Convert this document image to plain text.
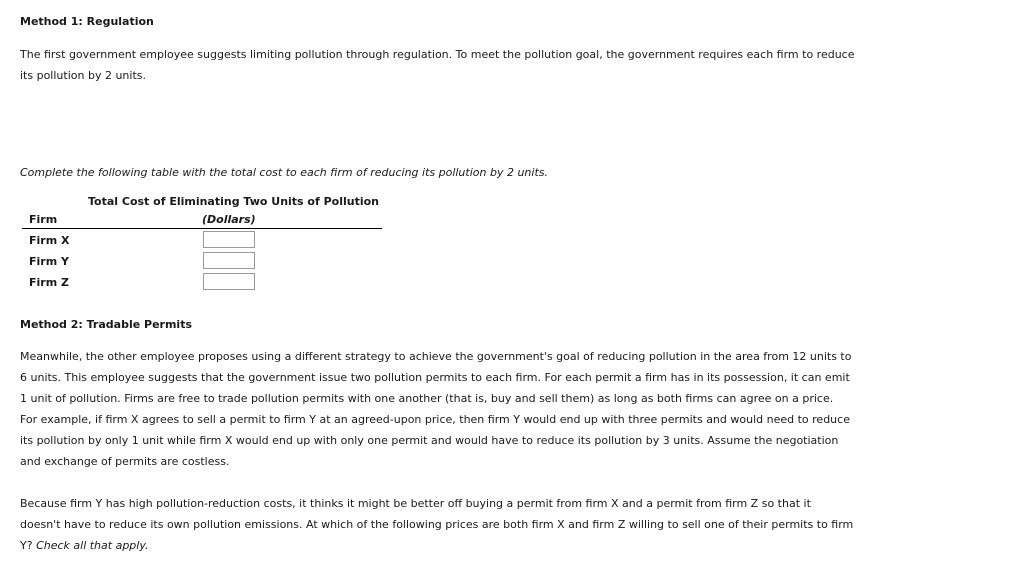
Method 1: Regulation
The first government employee suggests limiting pollution through regulation. To meet the pollution goal, the government requires each firm to reduce
its pollution by 2 units.
Complete the following table with the total cost to each firm of reducing its pollution by 2 units.
Total Cost of Eliminating Two Units of Pollution
Firm	(Dollars)
Firm X
Firm Y
Firm Z
Method 2: Tradable Permits
Meanwhile, the other employee proposes using a different strategy to achieve the government's goal of reducing pollution in the area from 12 units to
6 units. This employee suggests that the government issue two pollution permits to each firm. For each permit a firm has in its possession, it can emit
1 unit of pollution. Firms are free to trade pollution permits with one another (that is, buy and sell them) as long as both firms can agree on a price.
For example, if firm X agrees to sell a permit to firm Y at an agreed-upon price, then firm Y would end up with three permits and would need to reduce
its pollution by only 1 unit while firm X would end up with only one permit and would have to reduce its pollution by 3 units. Assume the negotiation
and exchange of permits are costless.
Because firm Y has high pollution-reduction costs, it thinks it might be better off buying a permit from firm X and a permit from firm Z so that it
doesn't have to reduce its own pollution emissions. At which of the following prices are both firm X and firm Z willing to sell one of their permits to firm
Y? Check all that apply.
